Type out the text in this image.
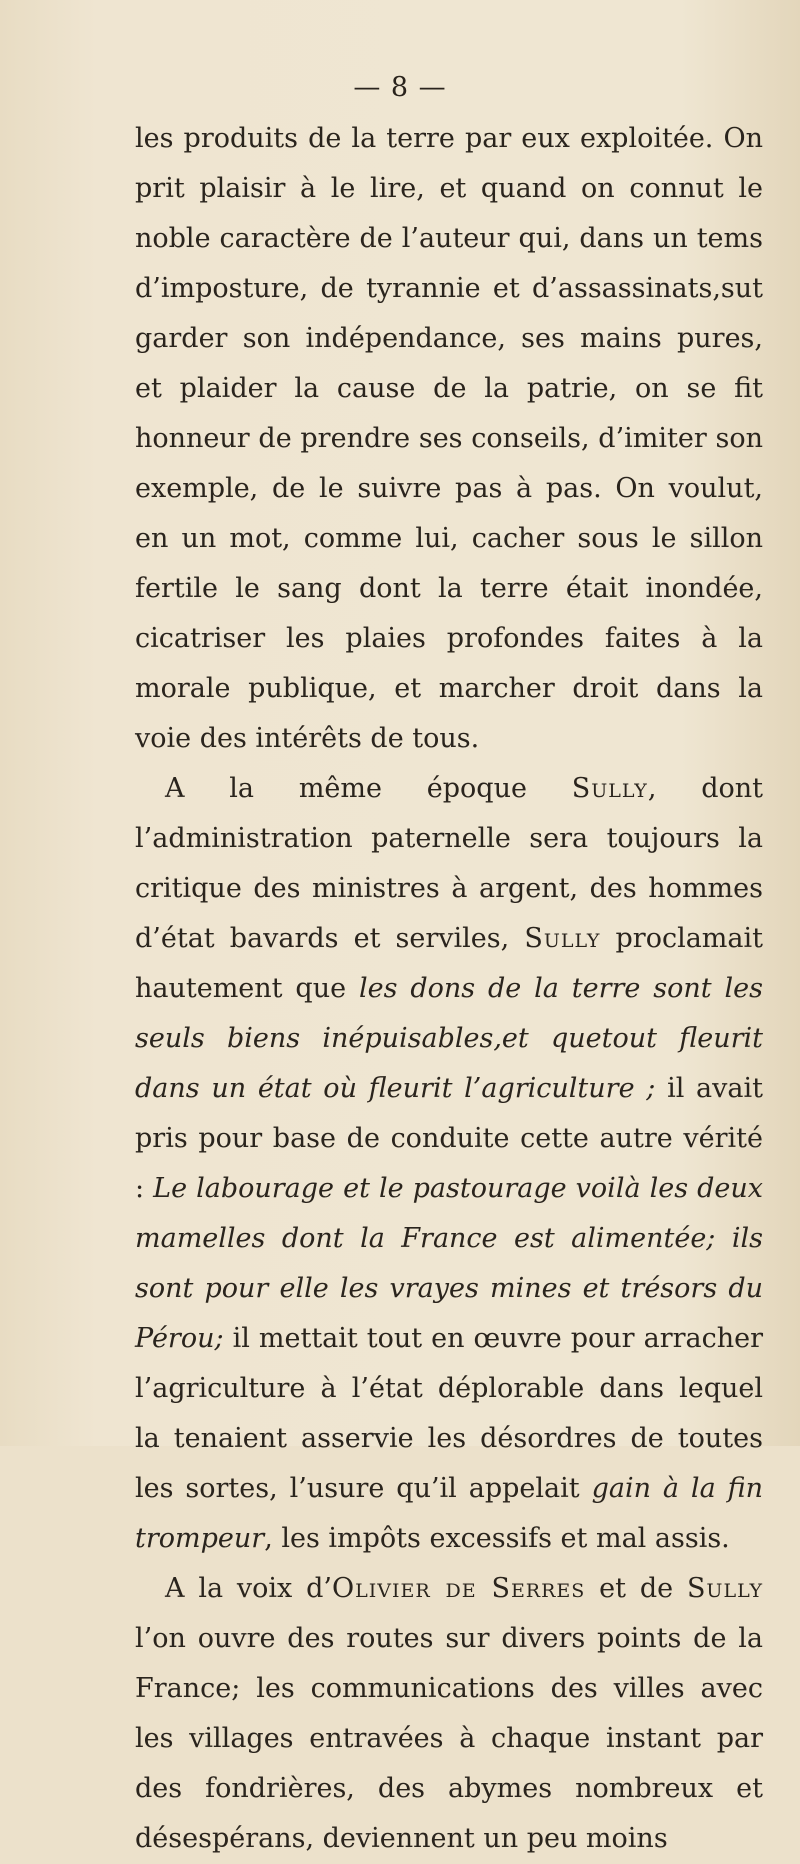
— 8 —

les produits de la terre par eux exploitée. On prit plaisir à le lire, et quand on connut le noble caractère de l’auteur qui, dans un tems d’imposture, de tyrannie et d’assassinats,sut garder son indépendance, ses mains pures, et plaider la cause de la patrie, on se fit honneur de prendre ses conseils, d’imiter son exemple, de le suivre pas à pas. On voulut, en un mot, comme lui, cacher sous le sillon fertile le sang dont la terre était inondée, cicatriser les plaies profondes faites à la morale publique, et marcher droit dans la voie des intérêts de tous.

A la même époque Sully, dont l’administration paternelle sera toujours la critique des ministres à argent, des hommes d’état bavards et serviles, Sully proclamait hautement que les dons de la terre sont les seuls biens inépuisables,et quetout fleurit dans un état où fleurit l’agriculture ; il avait pris pour base de conduite cette autre vérité : Le labourage et le pastourage voilà les deux mamelles dont la France est alimentée; ils sont pour elle les vrayes mines et trésors du Pérou; il mettait tout en œuvre pour arracher l’agriculture à l’état déplorable dans lequel la tenaient asservie les désordres de toutes les sortes, l’usure qu’il appelait gain à la fin trompeur, les impôts excessifs et mal assis.

A la voix d’Olivier de Serres et de Sully l’on ouvre des routes sur divers points de la France; les communications des villes avec les villages entravées à chaque instant par des fondrières, des abymes nombreux et désespérans, deviennent un peu moins
